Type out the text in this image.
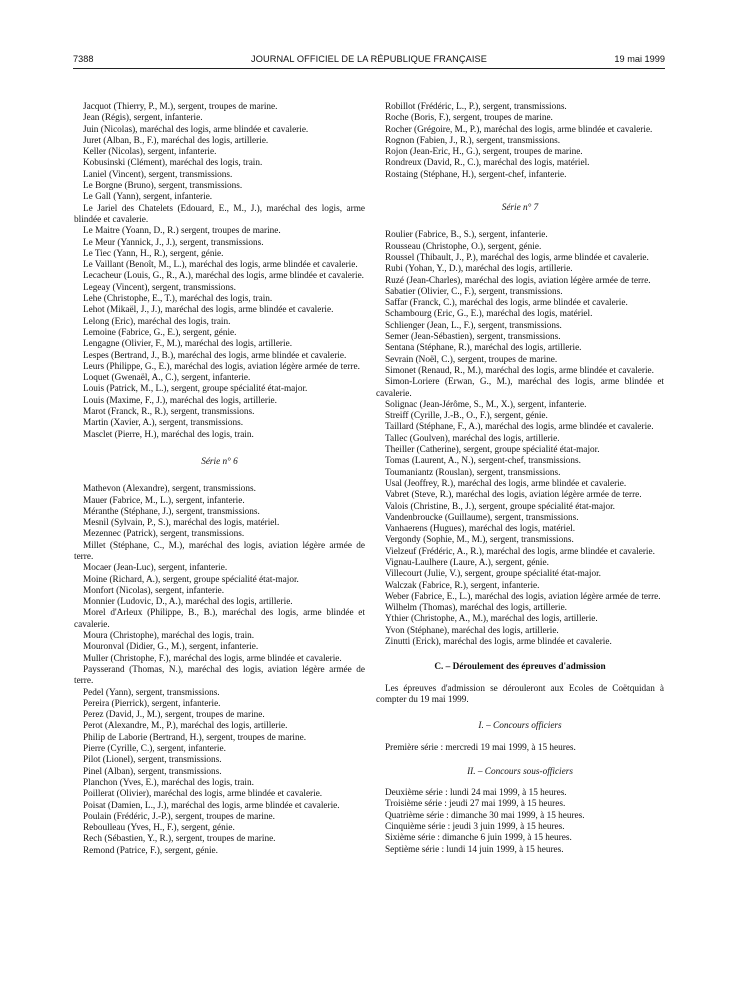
7388	JOURNAL OFFICIEL DE LA RÉPUBLIQUE FRANÇAISE	19 mai 1999
Jacquot (Thierry, P., M.), sergent, troupes de marine.
Jean (Régis), sergent, infanterie.
Juin (Nicolas), maréchal des logis, arme blindée et cavalerie.
Juret (Alban, B., F.), maréchal des logis, artillerie.
Keller (Nicolas), sergent, infanterie.
Kobusinski (Clément), maréchal des logis, train.
Laniel (Vincent), sergent, transmissions.
Le Borgne (Bruno), sergent, transmissions.
Le Gall (Yann), sergent, infanterie.
Le Jariel des Chatelets (Edouard, E., M., J.), maréchal des logis, arme blindée et cavalerie.
Le Maitre (Yoann, D., R.) sergent, troupes de marine.
Le Meur (Yannick, J., J.), sergent, transmissions.
Le Tiec (Yann, H., R.), sergent, génie.
Le Vaillant (Benoît, M., L.), maréchal des logis, arme blindée et cavalerie.
Lecacheur (Louis, G., R., A.), maréchal des logis, arme blindée et cavalerie.
Legeay (Vincent), sergent, transmissions.
Lehe (Christophe, E., T.), maréchal des logis, train.
Lehot (Mikaël, J., J.), maréchal des logis, arme blindée et cavalerie.
Lelong (Eric), maréchal des logis, train.
Lemoine (Fabrice, G., E.), sergent, génie.
Lengagne (Olivier, F., M.), maréchal des logis, artillerie.
Lespes (Bertrand, J., B.), maréchal des logis, arme blindée et cavalerie.
Leurs (Philippe, G., E.), maréchal des logis, aviation légère armée de terre.
Loquet (Gwenaël, A., C.), sergent, infanterie.
Louis (Patrick, M., L.), sergent, groupe spécialité état-major.
Louis (Maxime, F., J.), maréchal des logis, artillerie.
Marot (Franck, R., R.), sergent, transmissions.
Martin (Xavier, A.), sergent, transmissions.
Masclet (Pierre, H.), maréchal des logis, train.
Série n° 6
Mathevon (Alexandre), sergent, transmissions.
Mauer (Fabrice, M., L.), sergent, infanterie.
Méranthe (Stéphane, J.), sergent, transmissions.
Mesnil (Sylvain, P., S.), maréchal des logis, matériel.
Mezennec (Patrick), sergent, transmissions.
Millet (Stéphane, C., M.), maréchal des logis, aviation légère armée de terre.
Mocaer (Jean-Luc), sergent, infanterie.
Moine (Richard, A.), sergent, groupe spécialité état-major.
Monfort (Nicolas), sergent, infanterie.
Monnier (Ludovic, D., A.), maréchal des logis, artillerie.
Morel d'Arleux (Philippe, B., B.), maréchal des logis, arme blindée et cavalerie.
Moura (Christophe), maréchal des logis, train.
Mouronval (Didier, G., M.), sergent, infanterie.
Muller (Christophe, F.), maréchal des logis, arme blindée et cavalerie.
Paysserand (Thomas, N.), maréchal des logis, aviation légère armée de terre.
Pedel (Yann), sergent, transmissions.
Pereira (Pierrick), sergent, infanterie.
Perez (David, J., M.), sergent, troupes de marine.
Perot (Alexandre, M., P.), maréchal des logis, artillerie.
Philip de Laborie (Bertrand, H.), sergent, troupes de marine.
Pierre (Cyrille, C.), sergent, infanterie.
Pilot (Lionel), sergent, transmissions.
Pinel (Alban), sergent, transmissions.
Planchon (Yves, E.), maréchal des logis, train.
Poillerat (Olivier), maréchal des logis, arme blindée et cavalerie.
Poisat (Damien, L., J.), maréchal des logis, arme blindée et cavalerie.
Poulain (Frédéric, J.-P.), sergent, troupes de marine.
Reboulleau (Yves, H., F.), sergent, génie.
Rech (Sébastien, Y., R.), sergent, troupes de marine.
Remond (Patrice, F.), sergent, génie.
Robillot (Frédéric, L., P.), sergent, transmissions.
Roche (Boris, F.), sergent, troupes de marine.
Rocher (Grégoire, M., P.), maréchal des logis, arme blindée et cavalerie.
Rognon (Fabien, J., R.), sergent, transmissions.
Rojon (Jean-Eric, H., G.), sergent, troupes de marine.
Rondreux (David, R., C.), maréchal des logis, matériel.
Rostaing (Stéphane, H.), sergent-chef, infanterie.
Série n° 7
Roulier (Fabrice, B., S.), sergent, infanterie.
Rousseau (Christophe, O.), sergent, génie.
Roussel (Thibault, J., P.), maréchal des logis, arme blindée et cavalerie.
Rubi (Yohan, Y., D.), maréchal des logis, artillerie.
Ruzé (Jean-Charles), maréchal des logis, aviation légère armée de terre.
Sabatier (Olivier, C., F.), sergent, transmissions.
Saffar (Franck, C.), maréchal des logis, arme blindée et cavalerie.
Schambourg (Eric, G., E.), maréchal des logis, matériel.
Schlienger (Jean, L., F.), sergent, transmissions.
Semer (Jean-Sébastien), sergent, transmissions.
Sentana (Stéphane, R.), maréchal des logis, artillerie.
Sevrain (Noël, C.), sergent, troupes de marine.
Simonet (Renaud, R., M.), maréchal des logis, arme blindée et cavalerie.
Simon-Loriere (Erwan, G., M.), maréchal des logis, arme blindée et cavalerie.
Solignac (Jean-Jérôme, S., M., X.), sergent, infanterie.
Streiff (Cyrille, J.-B., O., F.), sergent, génie.
Taillard (Stéphane, F., A.), maréchal des logis, arme blindée et cavalerie.
Tallec (Goulven), maréchal des logis, artillerie.
Theiller (Catherine), sergent, groupe spécialité état-major.
Tomas (Laurent, A., N.), sergent-chef, transmissions.
Toumaniantz (Rouslan), sergent, transmissions.
Usal (Jeoffrey, R.), maréchal des logis, arme blindée et cavalerie.
Vabret (Steve, R.), maréchal des logis, aviation légère armée de terre.
Valois (Christine, B., J.), sergent, groupe spécialité état-major.
Vandenbroucke (Guillaume), sergent, transmissions.
Vanhaerens (Hugues), maréchal des logis, matériel.
Vergondy (Sophie, M., M.), sergent, transmissions.
Vielzeuf (Frédéric, A., R.), maréchal des logis, arme blindée et cavalerie.
Vignau-Laulhere (Laure, A.), sergent, génie.
Villecourt (Julie, V.), sergent, groupe spécialité état-major.
Walczak (Fabrice, R.), sergent, infanterie.
Weber (Fabrice, E., L.), maréchal des logis, aviation légère armée de terre.
Wilhelm (Thomas), maréchal des logis, artillerie.
Ythier (Christophe, A., M.), maréchal des logis, artillerie.
Yvon (Stéphane), maréchal des logis, artillerie.
Zinutti (Erick), maréchal des logis, arme blindée et cavalerie.
C. – Déroulement des épreuves d'admission
Les épreuves d'admission se dérouleront aux Ecoles de Coëtquidan à compter du 19 mai 1999.
I. – Concours officiers
Première série : mercredi 19 mai 1999, à 15 heures.
II. – Concours sous-officiers
Deuxième série : lundi 24 mai 1999, à 15 heures.
Troisième série : jeudi 27 mai 1999, à 15 heures.
Quatrième série : dimanche 30 mai 1999, à 15 heures.
Cinquième série : jeudi 3 juin 1999, à 15 heures.
Sixième série : dimanche 6 juin 1999, à 15 heures.
Septième série : lundi 14 juin 1999, à 15 heures.
